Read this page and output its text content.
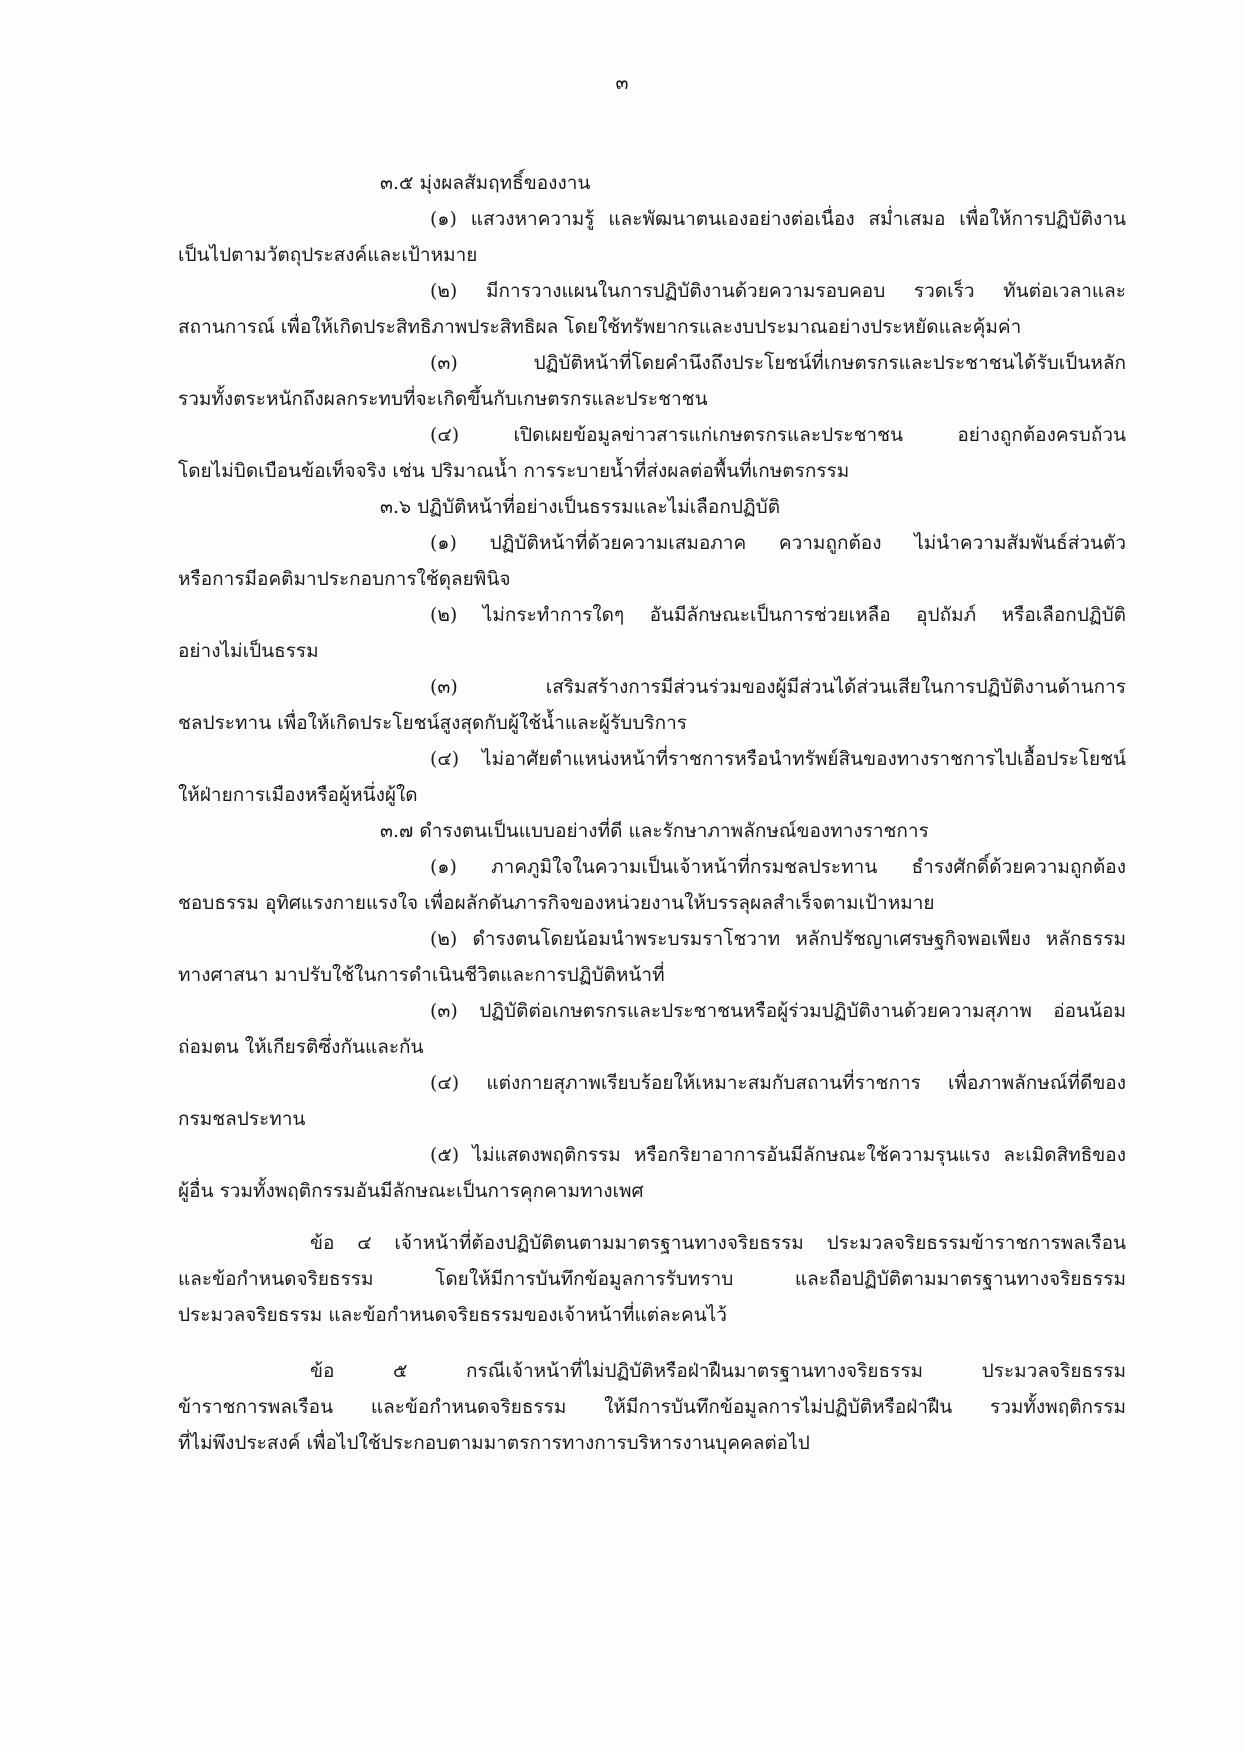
๓
๓.๕ มุ่งผลสัมฤทธิ์ของงาน
(๑) แสวงหาความรู้ และพัฒนาตนเองอย่างต่อเนื่อง สม่ำเสมอ เพื่อให้การปฏิบัติงาน
เป็นไปตามวัตถุประสงค์และเป้าหมาย
(๒) มีการวางแผนในการปฏิบัติงานด้วยความรอบคอบ รวดเร็ว ทันต่อเวลาและ
สถานการณ์ เพื่อให้เกิดประสิทธิภาพประสิทธิผล โดยใช้ทรัพยากรและงบประมาณอย่างประหยัดและคุ้มค่า
(๓) ปฏิบัติหน้าที่โดยคำนึงถึงประโยชน์ที่เกษตรกรและประชาชนได้รับเป็นหลัก
รวมทั้งตระหนักถึงผลกระทบที่จะเกิดขึ้นกับเกษตรกรและประชาชน
(๔) เปิดเผยข้อมูลข่าวสารแก่เกษตรกรและประชาชน อย่างถูกต้องครบถ้วน
โดยไม่บิดเบือนข้อเท็จจริง เช่น ปริมาณน้ำ การระบายน้ำที่ส่งผลต่อพื้นที่เกษตรกรรม
๓.๖ ปฏิบัติหน้าที่อย่างเป็นธรรมและไม่เลือกปฏิบัติ
(๑) ปฏิบัติหน้าที่ด้วยความเสมอภาค ความถูกต้อง ไม่นำความสัมพันธ์ส่วนตัว
หรือการมีอคติมาประกอบการใช้ดุลยพินิจ
(๒) ไม่กระทำการใดๆ อันมีลักษณะเป็นการช่วยเหลือ อุปถัมภ์ หรือเลือกปฏิบัติ
อย่างไม่เป็นธรรม
(๓) เสริมสร้างการมีส่วนร่วมของผู้มีส่วนได้ส่วนเสียในการปฏิบัติงานด้านการ
ชลประทาน เพื่อให้เกิดประโยชน์สูงสุดกับผู้ใช้น้ำและผู้รับบริการ
(๔) ไม่อาศัยตำแหน่งหน้าที่ราชการหรือนำทรัพย์สินของทางราชการไปเอื้อประโยชน์
ให้ฝ่ายการเมืองหรือผู้หนึ่งผู้ใด
๓.๗ ดำรงตนเป็นแบบอย่างที่ดี และรักษาภาพลักษณ์ของทางราชการ
(๑) ภาคภูมิใจในความเป็นเจ้าหน้าที่กรมชลประทาน ธำรงศักดิ์ด้วยความถูกต้อง
ชอบธรรม อุทิศแรงกายแรงใจ เพื่อผลักดันภารกิจของหน่วยงานให้บรรลุผลสำเร็จตามเป้าหมาย
(๒) ดำรงตนโดยน้อมนำพระบรมราโชวาท หลักปรัชญาเศรษฐกิจพอเพียง หลักธรรม
ทางศาสนา มาปรับใช้ในการดำเนินชีวิตและการปฏิบัติหน้าที่
(๓) ปฏิบัติต่อเกษตรกรและประชาชนหรือผู้ร่วมปฏิบัติงานด้วยความสุภาพ อ่อนน้อม
ถ่อมตน ให้เกียรติซึ่งกันและกัน
(๔) แต่งกายสุภาพเรียบร้อยให้เหมาะสมกับสถานที่ราชการ เพื่อภาพลักษณ์ที่ดีของ
กรมชลประทาน
(๕) ไม่แสดงพฤติกรรม หรือกริยาอาการอันมีลักษณะใช้ความรุนแรง ละเมิดสิทธิของ
ผู้อื่น รวมทั้งพฤติกรรมอันมีลักษณะเป็นการคุกคามทางเพศ
ข้อ ๔ เจ้าหน้าที่ต้องปฏิบัติตนตามมาตรฐานทางจริยธรรม ประมวลจริยธรรมข้าราชการพลเรือน
และข้อกำหนดจริยธรรม โดยให้มีการบันทึกข้อมูลการรับทราบ และถือปฏิบัติตามมาตรฐานทางจริยธรรม
ประมวลจริยธรรม และข้อกำหนดจริยธรรมของเจ้าหน้าที่แต่ละคนไว้
ข้อ ๕ กรณีเจ้าหน้าที่ไม่ปฏิบัติหรือฝ่าฝืนมาตรฐานทางจริยธรรม ประมวลจริยธรรม
ข้าราชการพลเรือน และข้อกำหนดจริยธรรม ให้มีการบันทึกข้อมูลการไม่ปฏิบัติหรือฝ่าฝืน รวมทั้งพฤติกรรม
ที่ไม่พึงประสงค์ เพื่อไปใช้ประกอบตามมาตรการทางการบริหารงานบุคคลต่อไป
